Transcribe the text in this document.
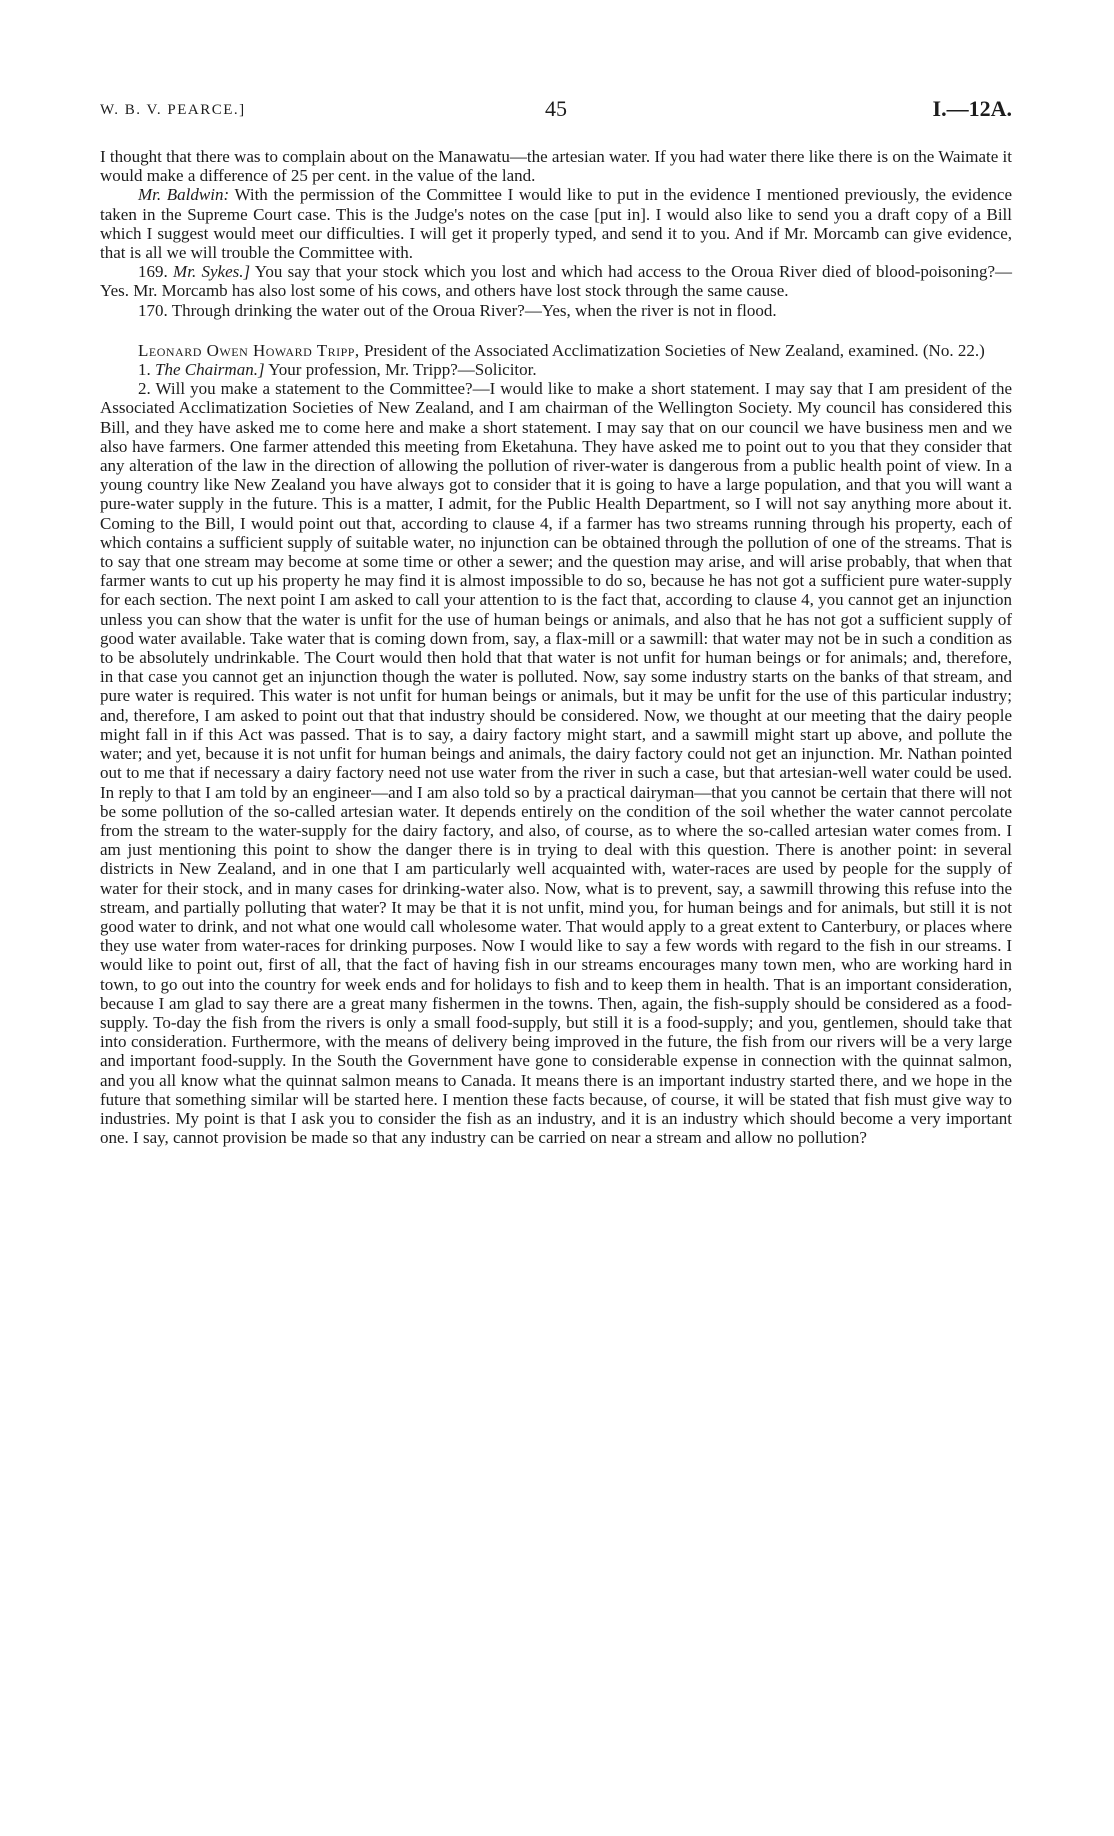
W. B. V. PEARCE.]	45	I.—12A.

I thought that there was to complain about on the Manawatu—the artesian water. If you had water there like there is on the Waimate it would make a difference of 25 per cent. in the value of the land.

Mr. Baldwin: With the permission of the Committee I would like to put in the evidence I mentioned previously, the evidence taken in the Supreme Court case. This is the Judge's notes on the case [put in]. I would also like to send you a draft copy of a Bill which I suggest would meet our difficulties. I will get it properly typed, and send it to you. And if Mr. Morcamb can give evidence, that is all we will trouble the Committee with.

169. Mr. Sykes.] You say that your stock which you lost and which had access to the Oroua River died of blood-poisoning?—Yes. Mr. Morcamb has also lost some of his cows, and others have lost stock through the same cause.

170. Through drinking the water out of the Oroua River?—Yes, when the river is not in flood.

Leonard Owen Howard Tripp, President of the Associated Acclimatization Societies of New Zealand, examined. (No. 22.)

1. The Chairman.] Your profession, Mr. Tripp?—Solicitor.

2. Will you make a statement to the Committee?—I would like to make a short statement. I may say that I am president of the Associated Acclimatization Societies of New Zealand, and I am chairman of the Wellington Society. My council has considered this Bill, and they have asked me to come here and make a short statement. I may say that on our council we have business men and we also have farmers. One farmer attended this meeting from Eketahuna. They have asked me to point out to you that they consider that any alteration of the law in the direction of allowing the pollution of river-water is dangerous from a public health point of view. In a young country like New Zealand you have always got to consider that it is going to have a large population, and that you will want a pure-water supply in the future. This is a matter, I admit, for the Public Health Department, so I will not say anything more about it. Coming to the Bill, I would point out that, according to clause 4, if a farmer has two streams running through his property, each of which contains a sufficient supply of suitable water, no injunction can be obtained through the pollution of one of the streams. That is to say that one stream may become at some time or other a sewer; and the question may arise, and will arise probably, that when that farmer wants to cut up his property he may find it is almost impossible to do so, because he has not got a sufficient pure water-supply for each section. The next point I am asked to call your attention to is the fact that, according to clause 4, you cannot get an injunction unless you can show that the water is unfit for the use of human beings or animals, and also that he has not got a sufficient supply of good water available. Take water that is coming down from, say, a flax-mill or a sawmill: that water may not be in such a condition as to be absolutely undrinkable. The Court would then hold that that water is not unfit for human beings or for animals; and, therefore, in that case you cannot get an injunction though the water is polluted. Now, say some industry starts on the banks of that stream, and pure water is required. This water is not unfit for human beings or animals, but it may be unfit for the use of this particular industry; and, therefore, I am asked to point out that that industry should be considered. Now, we thought at our meeting that the dairy people might fall in if this Act was passed. That is to say, a dairy factory might start, and a sawmill might start up above, and pollute the water; and yet, because it is not unfit for human beings and animals, the dairy factory could not get an injunction. Mr. Nathan pointed out to me that if necessary a dairy factory need not use water from the river in such a case, but that artesian-well water could be used. In reply to that I am told by an engineer—and I am also told so by a practical dairyman—that you cannot be certain that there will not be some pollution of the so-called artesian water. It depends entirely on the condition of the soil whether the water cannot percolate from the stream to the water-supply for the dairy factory, and also, of course, as to where the so-called artesian water comes from. I am just mentioning this point to show the danger there is in trying to deal with this question. There is another point: in several districts in New Zealand, and in one that I am particularly well acquainted with, water-races are used by people for the supply of water for their stock, and in many cases for drinking-water also. Now, what is to prevent, say, a sawmill throwing this refuse into the stream, and partially polluting that water? It may be that it is not unfit, mind you, for human beings and for animals, but still it is not good water to drink, and not what one would call wholesome water. That would apply to a great extent to Canterbury, or places where they use water from water-races for drinking purposes. Now I would like to say a few words with regard to the fish in our streams. I would like to point out, first of all, that the fact of having fish in our streams encourages many town men, who are working hard in town, to go out into the country for week ends and for holidays to fish and to keep them in health. That is an important consideration, because I am glad to say there are a great many fishermen in the towns. Then, again, the fish-supply should be considered as a food-supply. To-day the fish from the rivers is only a small food-supply, but still it is a food-supply; and you, gentlemen, should take that into consideration. Furthermore, with the means of delivery being improved in the future, the fish from our rivers will be a very large and important food-supply. In the South the Government have gone to considerable expense in connection with the quinnat salmon, and you all know what the quinnat salmon means to Canada. It means there is an important industry started there, and we hope in the future that something similar will be started here. I mention these facts because, of course, it will be stated that fish must give way to industries. My point is that I ask you to consider the fish as an industry, and it is an industry which should become a very important one. I say, cannot provision be made so that any industry can be carried on near a stream and allow no pollution?
